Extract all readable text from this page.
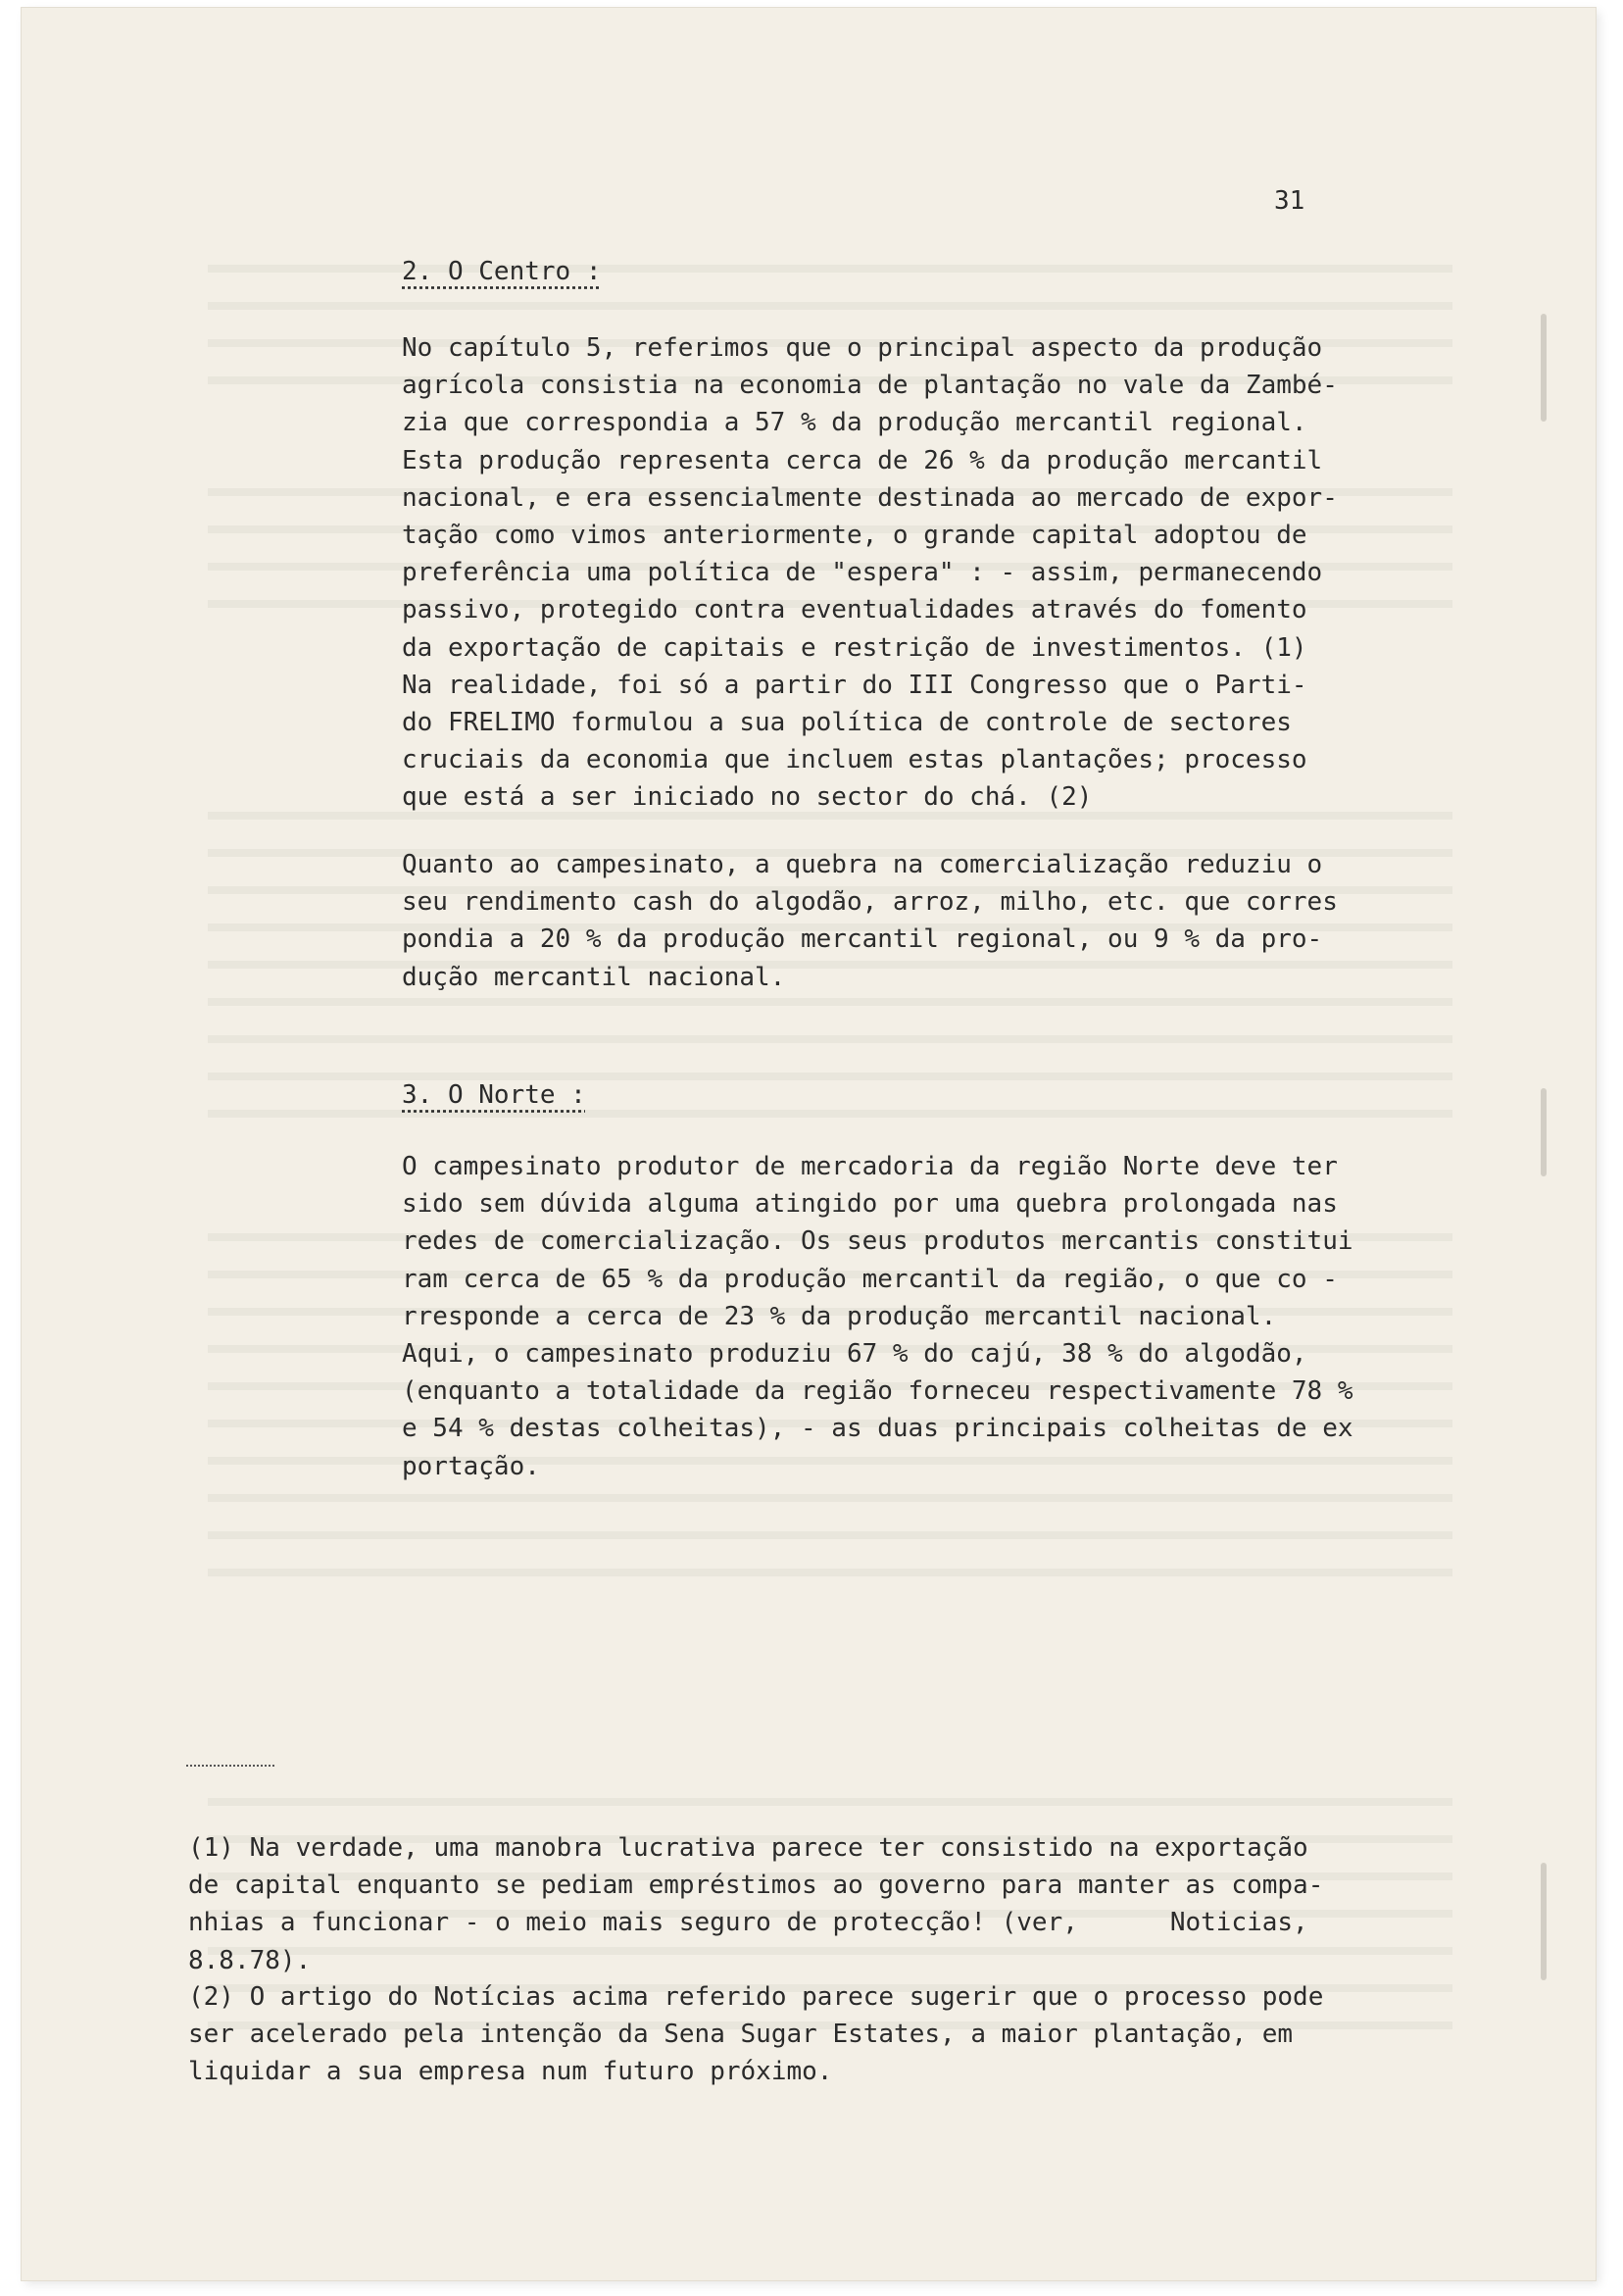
31
2. O Centro :
No capítulo 5, referimos que o principal aspecto da produção
agrícola consistia na economia de plantação no vale da Zambé-
zia que correspondia a 57 % da produção mercantil regional.
Esta produção representa cerca de 26 % da produção mercantil
nacional, e era essencialmente destinada ao mercado de expor-
tação como vimos anteriormente, o grande capital adoptou de
preferência uma política de "espera" : - assim, permanecendo
passivo, protegido contra eventualidades através do fomento
da exportação de capitais e restrição de investimentos. (1)
Na realidade, foi só a partir do III Congresso que o Parti-
do FRELIMO formulou a sua política de controle de sectores
cruciais da economia que incluem estas plantações; processo
que está a ser iniciado no sector do chá. (2)
Quanto ao campesinato, a quebra na comercialização reduziu o
seu rendimento cash do algodão, arroz, milho, etc. que corres
pondia a 20 % da produção mercantil regional, ou 9 % da pro-
dução mercantil nacional.
3. O Norte :
O campesinato produtor de mercadoria da região Norte deve ter
sido sem dúvida alguma atingido por uma quebra prolongada nas
redes de comercialização. Os seus produtos mercantis constitui
ram cerca de 65 % da produção mercantil da região, o que co -
rresponde a cerca de 23 % da produção mercantil nacional.
Aqui, o campesinato produziu 67 % do cajú, 38 % do algodão,
(enquanto a totalidade da região forneceu respectivamente 78 %
e 54 % destas colheitas), - as duas principais colheitas de ex
portação.
(1) Na verdade, uma manobra lucrativa parece ter consistido na exportação
de capital enquanto se pediam empréstimos ao governo para manter as compa-
nhias a funcionar - o meio mais seguro de protecção! (ver,      Noticias,
8.8.78).
(2) O artigo do Notícias acima referido parece sugerir que o processo pode
ser acelerado pela intenção da Sena Sugar Estates, a maior plantação, em
liquidar a sua empresa num futuro próximo.
